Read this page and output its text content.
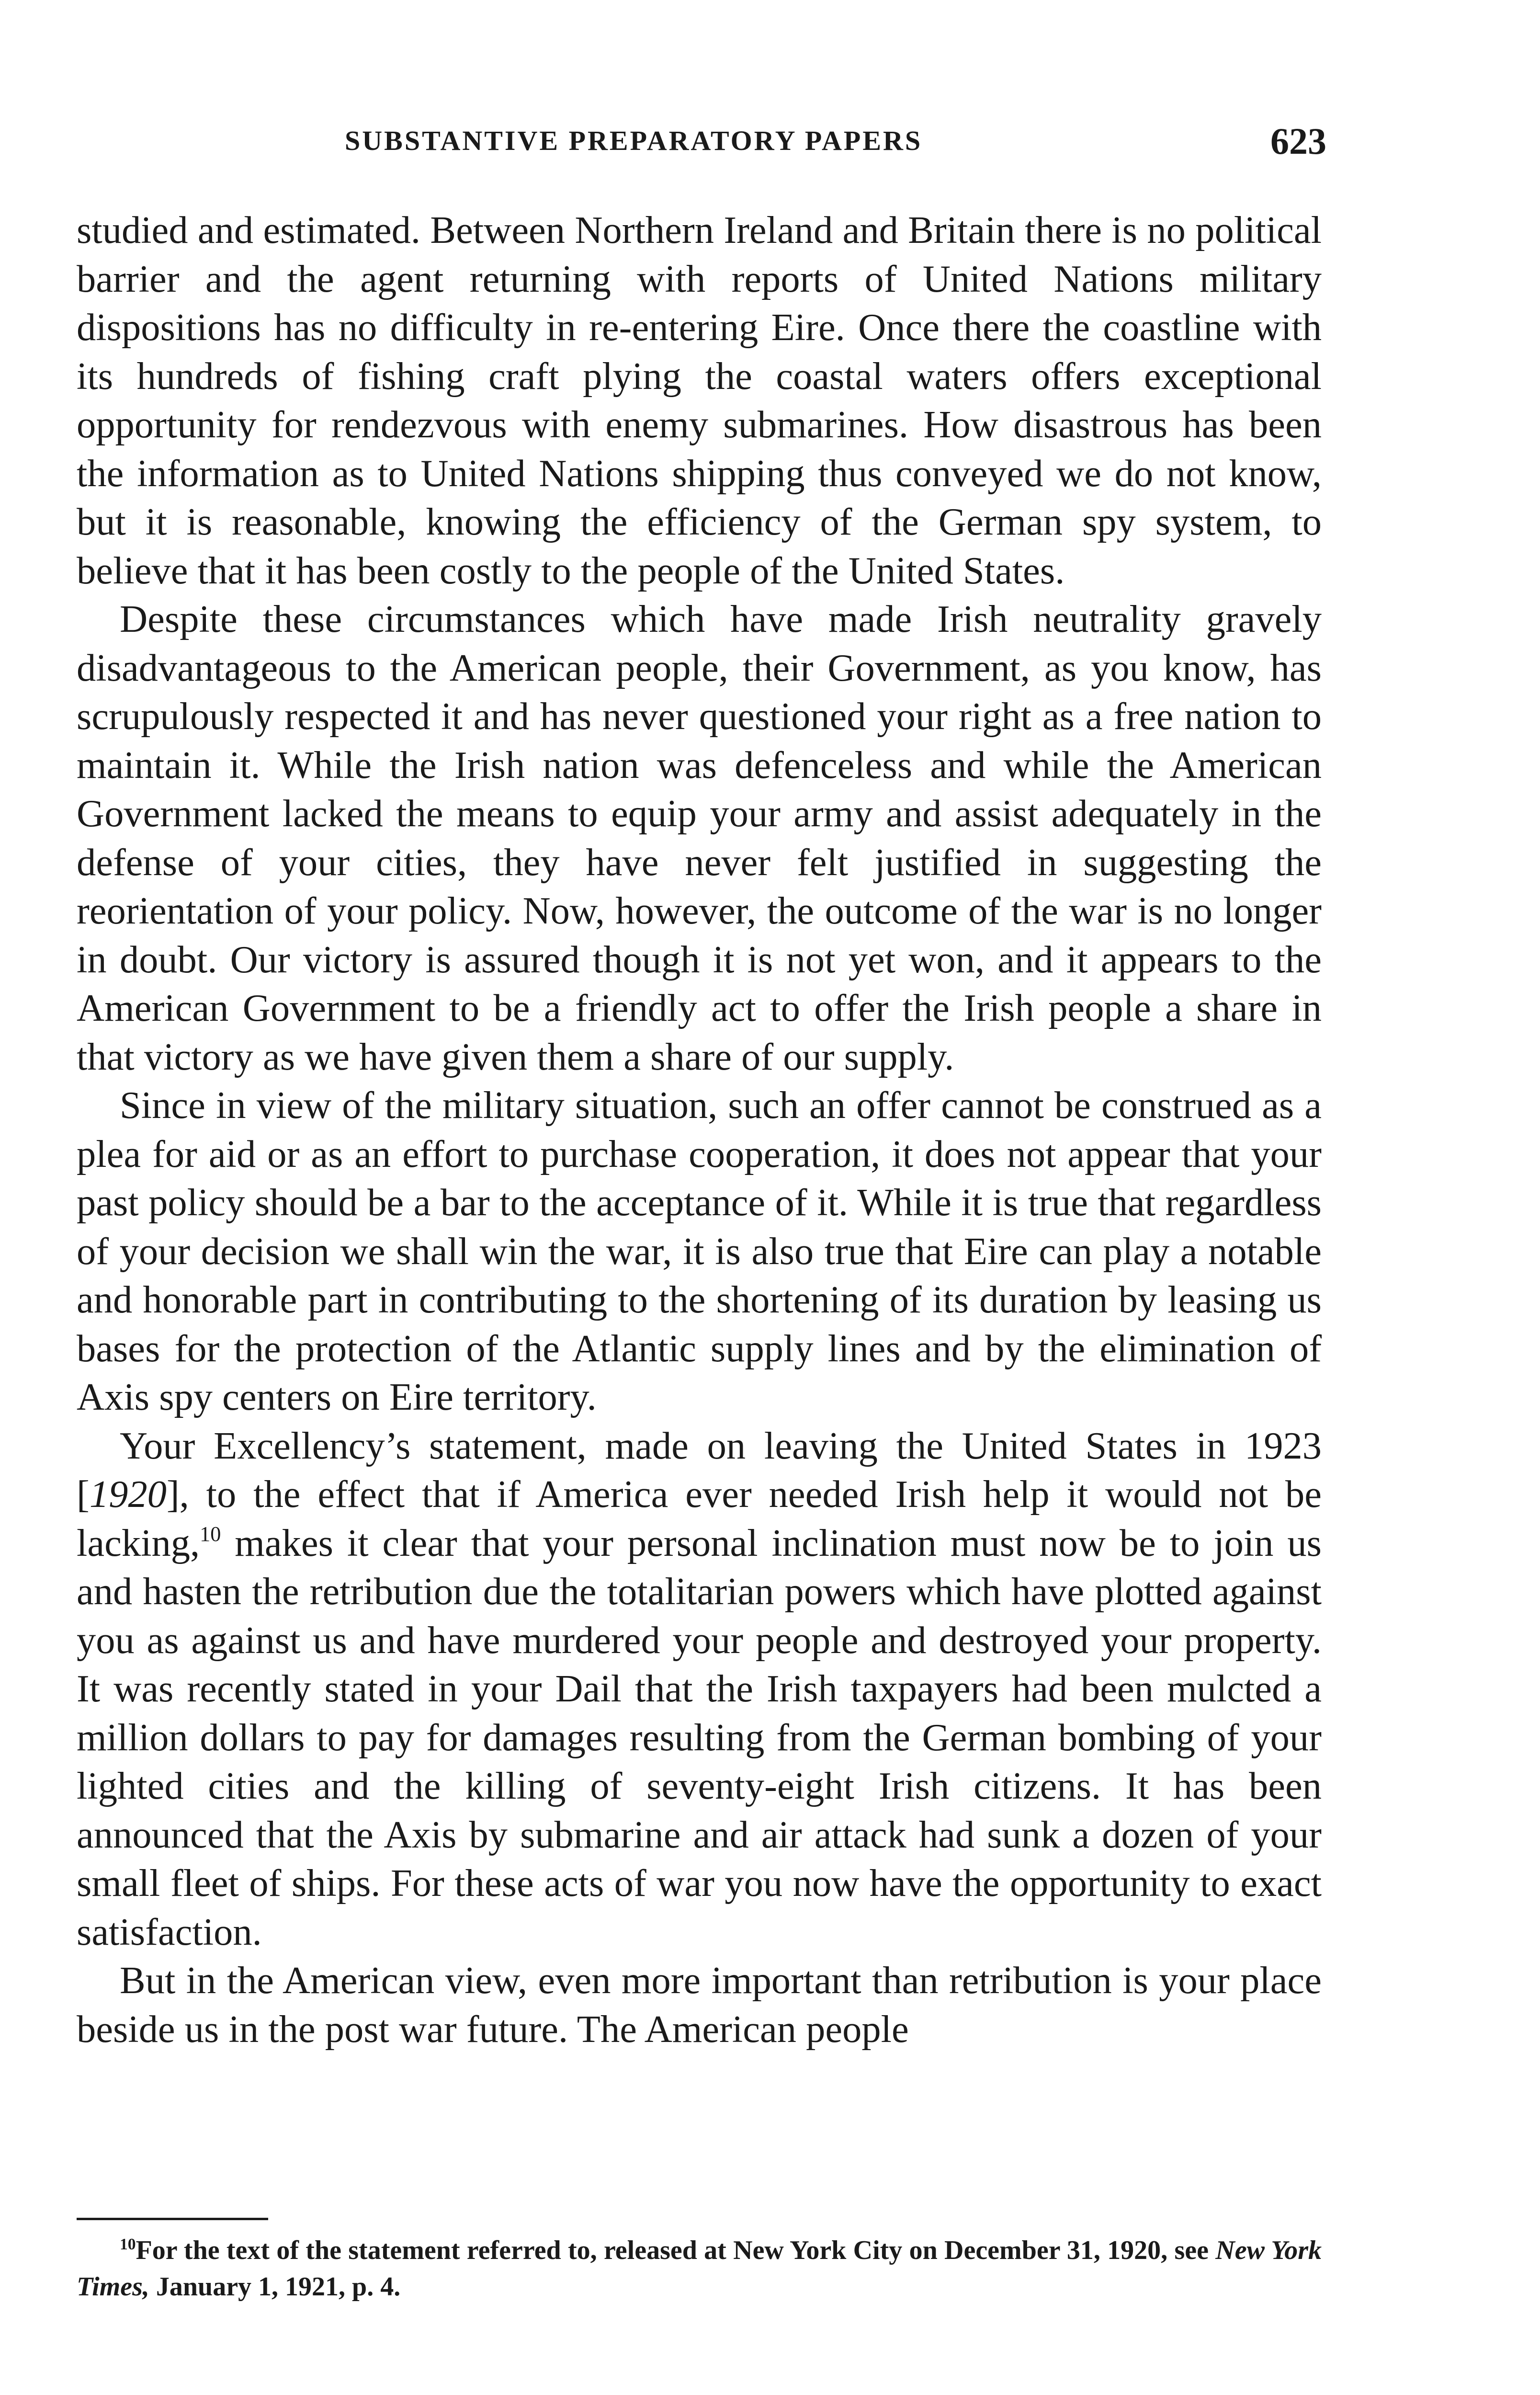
SUBSTANTIVE PREPARATORY PAPERS	623

studied and estimated. Between Northern Ireland and Britain there is no political barrier and the agent returning with reports of United Nations military dispositions has no difficulty in re-entering Eire. Once there the coastline with its hundreds of fishing craft plying the coastal waters offers exceptional opportunity for rendezvous with enemy submarines. How disastrous has been the information as to United Nations shipping thus conveyed we do not know, but it is reasonable, knowing the efficiency of the German spy system, to believe that it has been costly to the people of the United States.

Despite these circumstances which have made Irish neutrality gravely disadvantageous to the American people, their Government, as you know, has scrupulously respected it and has never questioned your right as a free nation to maintain it. While the Irish nation was defenceless and while the American Government lacked the means to equip your army and assist adequately in the defense of your cities, they have never felt justified in suggesting the reorientation of your policy. Now, however, the outcome of the war is no longer in doubt. Our victory is assured though it is not yet won, and it appears to the American Government to be a friendly act to offer the Irish people a share in that victory as we have given them a share of our supply.

Since in view of the military situation, such an offer cannot be construed as a plea for aid or as an effort to purchase cooperation, it does not appear that your past policy should be a bar to the acceptance of it. While it is true that regardless of your decision we shall win the war, it is also true that Eire can play a notable and honorable part in contributing to the shortening of its duration by leasing us bases for the protection of the Atlantic supply lines and by the elimination of Axis spy centers on Eire territory.

Your Excellency’s statement, made on leaving the United States in 1923 [1920], to the effect that if America ever needed Irish help it would not be lacking,$^{10}$ makes it clear that your personal inclination must now be to join us and hasten the retribution due the totalitarian powers which have plotted against you as against us and have murdered your people and destroyed your property. It was recently stated in your Dail that the Irish taxpayers had been mulcted a million dollars to pay for damages resulting from the German bombing of your lighted cities and the killing of seventy-eight Irish citizens. It has been announced that the Axis by submarine and air attack had sunk a dozen of your small fleet of ships. For these acts of war you now have the opportunity to exact satisfaction.

But in the American view, even more important than retribution is your place beside us in the post war future. The American people

$^{10}$For the text of the statement referred to, released at New York City on December 31, 1920, see New York Times, January 1, 1921, p. 4.
